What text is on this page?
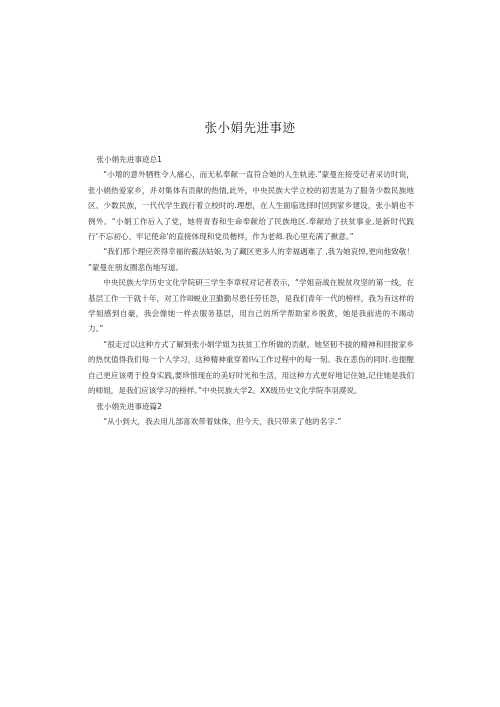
张小娟先进事迹

张小娟先进事迹总1

“小增的意外牺牲令人痛心，而无私奉献一直符合她的人生轨迹.”蒙曼在接受记者采访时说，张小娟热爱家乡，并对集体有贡献的热情,此外，中央民族大学立校的初衷是为了服务少数民族地区、少数民族，一代代学生践行着立校时的.理想，在人生面临选择时回到家乡建设，张小娟也不例外。“小娟工作后入了党，她将青春和生命奉献给了民族地区.奉献给了扶贫事业,是新时代践行‘不忘初心、牢记使命’的直接体现和党员楷样，作为老师.我心里充满了揪意。”

“我们那个理应茨得幸福的霰法姑娘,为了藏区更多人的幸福遇难了 ,我为她哀悼,更向他致敬！ ”蒙曼在朋友圈悲伤地写道。

中央民族大学历史文化学院研三学生李章权对记者表示，“学姐奋战在脱贫攻坚的第一线，在基层工作一干就十年，对工作ill蜕业卫勤勤尽患任劳任怨，是我们青年一代的榜样，我为有这样的学姐感到自豪，我会像她一样去服务基层，用自己的所学帮助家乡脱黄，她是我前进的不竭动力。”

“很走过以这种方式了解到张小娟学姐为扶贫工作所做的贡献。她坚韧不拔的精神和回报家乡的热忱值得我们每一个人学习，这种精神重穿着l¼工作过程中的每一刻。我在悲伤的同时.也提醒自己更应该勇于投身实践,要珍惜现在的美好时光和生活，用这种方式更好地记住她,记住她是我们的师姐，是我们应该学习的榜样。”中央民族大学2。XX级历史文化学院李羽漠说。

张小娟先进事迹篇2

“从小到大，我去用儿部喜欢带着妹侏，但今天，我只带来了他的名字.”
